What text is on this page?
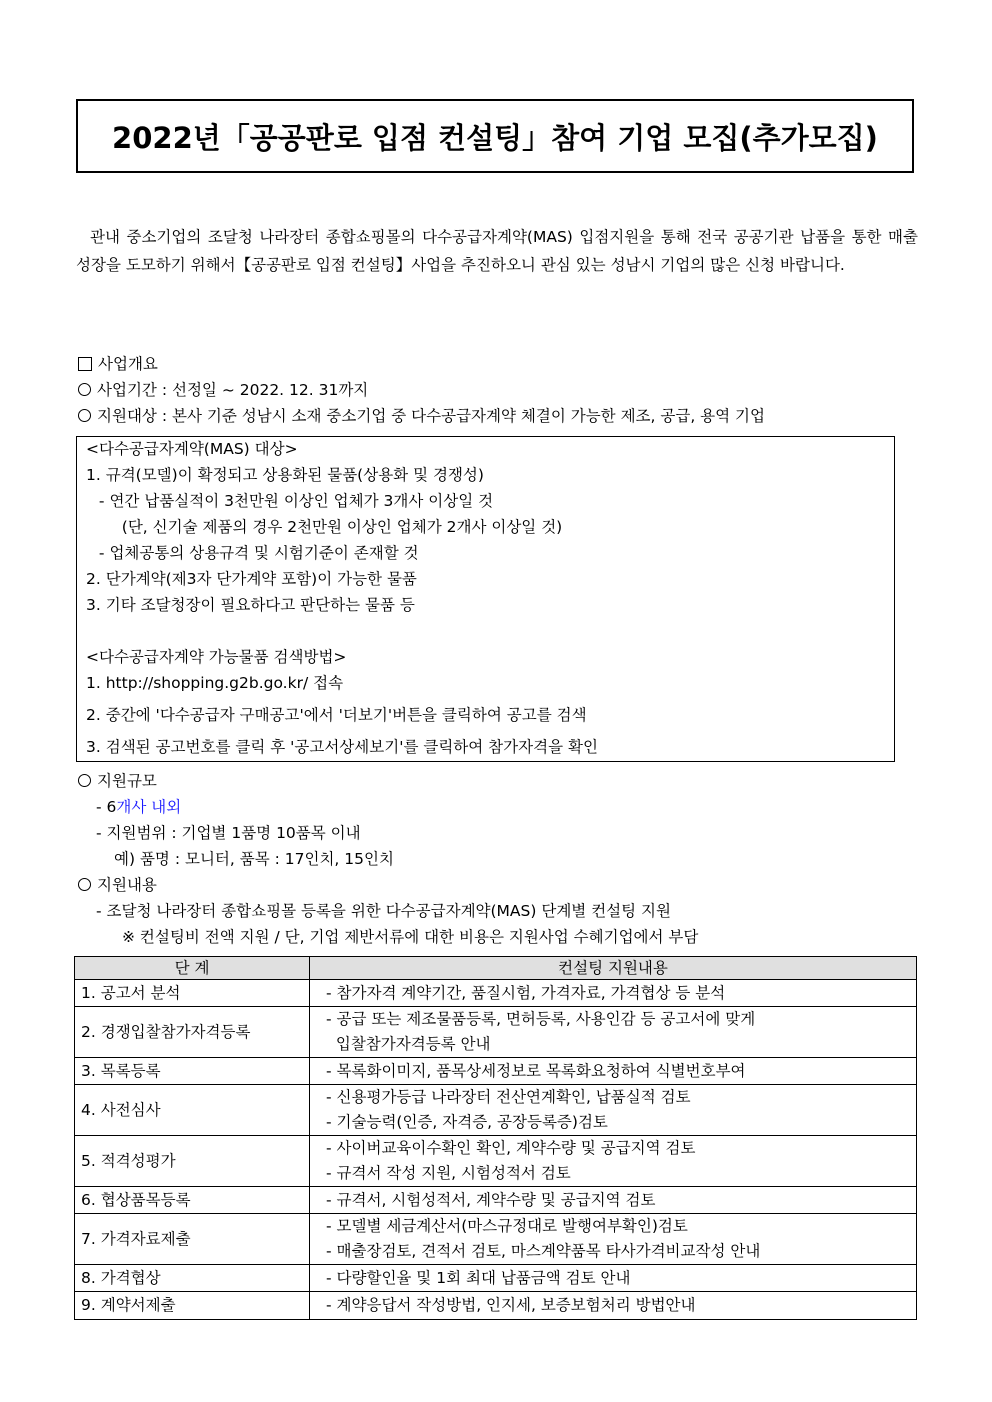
2022년「공공판로 입점 컨설팅」참여 기업 모집(추가모집)
관내 중소기업의 조달청 나라장터 종합쇼핑몰의 다수공급자계약(MAS) 입점지원을 통해 전국 공공기관 납품을 통한 매출 성장을 도모하기 위해서【공공판로 입점 컨설팅】사업을 추진하오니 관심 있는 성남시 기업의 많은 신청 바랍니다.
사업개요
사업기간 : 선정일 ~ 2022. 12. 31까지
지원대상 : 본사 기준 성남시 소재 중소기업 중 다수공급자계약 체결이 가능한 제조, 공급, 용역 기업
<다수공급자계약(MAS) 대상>
1. 규격(모델)이 확정되고 상용화된 물품(상용화 및 경쟁성)
- 연간 납품실적이 3천만원 이상인 업체가 3개사 이상일 것
(단, 신기술 제품의 경우 2천만원 이상인 업체가 2개사 이상일 것)
- 업체공통의 상용규격 및 시험기준이 존재할 것
2. 단가계약(제3자 단가계약 포함)이 가능한 물품
3. 기타 조달청장이 필요하다고 판단하는 물품 등
<다수공급자계약 가능물품 검색방법>
1. http://shopping.g2b.go.kr/ 접속
2. 중간에 '다수공급자 구매공고'에서 '더보기'버튼을 클릭하여 공고를 검색
3. 검색된 공고번호를 클릭 후 '공고서상세보기'를 클릭하여 참가자격을 확인
지원규모
- 6개사 내외
- 지원범위 : 기업별 1품명 10품목 이내
예) 품명 : 모니터, 품목 : 17인치, 15인치
지원내용
- 조달청 나라장터 종합쇼핑몰 등록을 위한 다수공급자계약(MAS) 단계별 컨설팅 지원
※ 컨설팅비 전액 지원 / 단, 기업 제반서류에 대한 비용은 지원사업 수혜기업에서 부담
단 계	컨설팅 지원내용
1. 공고서 분석	- 참가자격 계약기간, 품질시험, 가격자료, 가격협상 등 분석

2. 경쟁입찰참가자격등록	- 공급 또는 제조물품등록, 면허등록, 사용인감 등 공고서에 맞게
입찰참가자격등록 안내

3. 목록등록	- 목록화이미지, 품목상세정보로 목록화요청하여 식별번호부여

4. 사전심사	- 신용평가등급 나라장터 전산연계확인, 납품실적 검토
- 기술능력(인증, 자격증, 공장등록증)검토

5. 적격성평가	- 사이버교육이수확인 확인, 계약수량 및 공급지역 검토
- 규격서 작성 지원, 시험성적서 검토

6. 협상품목등록	- 규격서, 시험성적서, 계약수량 및 공급지역 검토

7. 가격자료제출	- 모델별 세금계산서(마스규정대로 발행여부확인)검토
- 매출장검토, 견적서 검토, 마스계약품목 타사가격비교작성 안내

8. 가격협상	- 다량할인율 및 1회 최대 납품금액 검토 안내

9. 계약서제출	- 계약응답서 작성방법, 인지세, 보증보험처리 방법안내
